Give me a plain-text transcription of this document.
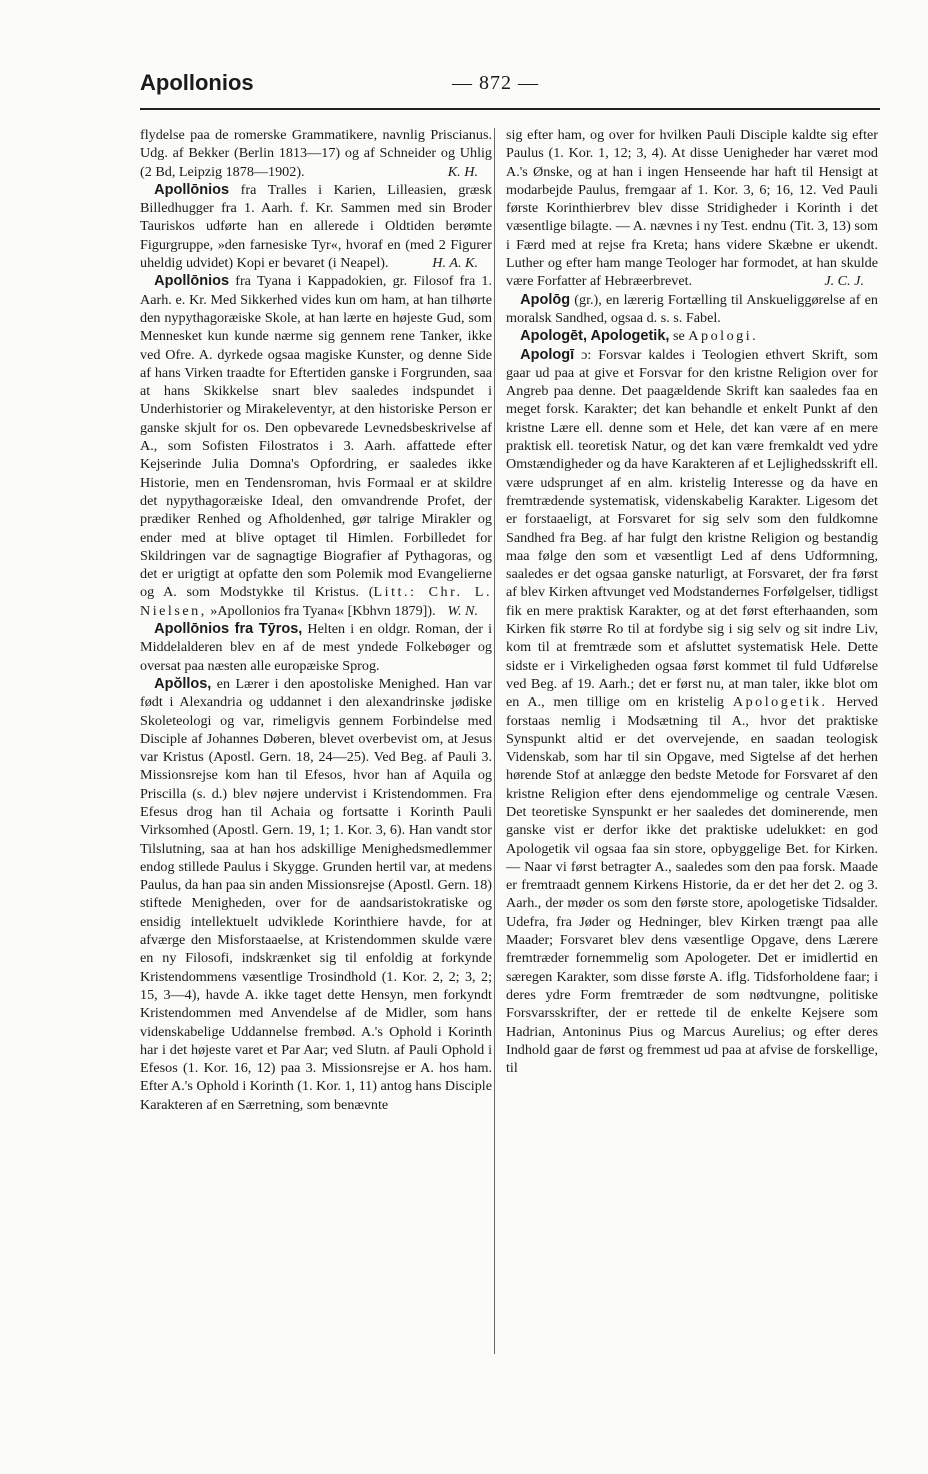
Apollonios	— 872 —

flydelse paa de romerske Grammatikere, navnlig Priscianus. Udg. af Bekker (Berlin 1813—17) og af Schneider og Uhlig (2 Bd, Leipzig 1878—1902).	K. H.

 Apollōnios fra Tralles i Karien, Lilleasien, græsk Billedhugger fra 1. Aarh. f. Kr. Sammen med sin Broder Tauriskos udførte han en allerede i Oldtiden berømte Figurgruppe, »den farnesiske Tyr«, hvoraf en (med 2 Figurer uheldig udvidet) Kopi er bevaret (i Neapel).	H. A. K.

 Apollōnios fra Tyana i Kappadokien, gr. Filosof fra 1. Aarh. e. Kr. Med Sikkerhed vides kun om ham, at han tilhørte den nypythagoræiske Skole, at han lærte en højeste Gud, som Mennesket kun kunde nærme sig gennem rene Tanker, ikke ved Ofre. A. dyrkede ogsaa magiske Kunster, og denne Side af hans Virken traadte for Eftertiden ganske i Forgrunden, saa at hans Skikkelse snart blev saaledes indspundet i Underhistorier og Mirakeleventyr, at den historiske Person er ganske skjult for os. Den opbevarede Levnedsbeskrivelse af A., som Sofisten Filostratos i 3. Aarh. affattede efter Kejserinde Julia Domna's Opfordring, er saaledes ikke Historie, men en Tendensroman, hvis Formaal er at skildre det nypythagoræiske Ideal, den omvandrende Profet, der prædiker Renhed og Afholdenhed, gør talrige Mirakler og ender med at blive optaget til Himlen. Forbilledet for Skildringen var de sagnagtige Biografier af Pythagoras, og det er urigtigt at opfatte den som Polemik mod Evangelierne og A. som Modstykke til Kristus. (Litt.: Chr. L. Nielsen, »Apollonios fra Tyana« [Kbhvn 1879]). W. N.

 Apollōnios fra Tȳros, Helten i en oldgr. Roman, der i Middelalderen blev en af de mest yndede Folkebøger og oversat paa næsten alle europæiske Sprog.

 Apŏllos, en Lærer i den apostoliske Menighed. Han var født i Alexandria og uddannet i den alexandrinske jødiske Skoleteologi og var, rimeligvis gennem Forbindelse med Disciple af Johannes Døberen, blevet overbevist om, at Jesus var Kristus (Apostl. Gern. 18, 24—25). Ved Beg. af Pauli 3. Missionsrejse kom han til Efesos, hvor han af Aquila og Priscilla (s. d.) blev nøjere undervist i Kristendommen. Fra Efesus drog han til Achaia og fortsatte i Korinth Pauli Virksomhed (Apostl. Gern. 19, 1; 1. Kor. 3, 6). Han vandt stor Tilslutning, saa at han hos adskillige Menighedsmedlemmer endog stillede Paulus i Skygge. Grunden hertil var, at medens Paulus, da han paa sin anden Missionsrejse (Apostl. Gern. 18) stiftede Menigheden, over for de aandsaristokratiske og ensidig intellektuelt udviklede Korinthiere havde, for at afværge den Misforstaaelse, at Kristendommen skulde være en ny Filosofi, indskrænket sig til enfoldig at forkynde Kristendommens væsentlige Trosindhold (1. Kor. 2, 2; 3, 2; 15, 3—4), havde A. ikke taget dette Hensyn, men forkyndt Kristendommen med Anvendelse af de Midler, som hans videnskabelige Uddannelse frembød. A.'s Ophold i Korinth har i det højeste varet et Par Aar; ved Slutn. af Pauli Ophold i Efesos (1. Kor. 16, 12) paa 3. Missionsrejse er A. hos ham. Efter A.'s Ophold i Korinth (1. Kor. 1, 11) antog hans Disciple Karakteren af en Særretning, som benævnte

sig efter ham, og over for hvilken Pauli Disciple kaldte sig efter Paulus (1. Kor. 1, 12; 3, 4). At disse Uenigheder har været mod A.'s Ønske, og at han i ingen Henseende har haft til Hensigt at modarbejde Paulus, fremgaar af 1. Kor. 3, 6; 16, 12. Ved Pauli første Korinthierbrev blev disse Stridigheder i Korinth i det væsentlige bilagte. — A. nævnes i ny Test. endnu (Tit. 3, 13) som i Færd med at rejse fra Kreta; hans videre Skæbne er ukendt. Luther og efter ham mange Teologer har formodet, at han skulde være Forfatter af Hebræerbrevet.	J. C. J.

 Apolōg (gr.), en lærerig Fortælling til Anskueliggørelse af en moralsk Sandhed, ogsaa d. s. s. Fabel.

 Apologēt, Apologetik, se Apologi.

 Apologī ɔ: Forsvar kaldes i Teologien ethvert Skrift, som gaar ud paa at give et Forsvar for den kristne Religion over for Angreb paa denne. Det paagældende Skrift kan saaledes faa en meget forsk. Karakter; det kan behandle et enkelt Punkt af den kristne Lære ell. denne som et Hele, det kan være af en mere praktisk ell. teoretisk Natur, og det kan være fremkaldt ved ydre Omstændigheder og da have Karakteren af et Lejlighedsskrift ell. være udsprunget af en alm. kristelig Interesse og da have en fremtrædende systematisk, videnskabelig Karakter. Ligesom det er forstaaeligt, at Forsvaret for sig selv som den fuldkomne Sandhed fra Beg. af har fulgt den kristne Religion og bestandig maa følge den som et væsentligt Led af dens Udformning, saaledes er det ogsaa ganske naturligt, at Forsvaret, der fra først af blev Kirken aftvunget ved Modstandernes Forfølgelser, tidligst fik en mere praktisk Karakter, og at det først efterhaanden, som Kirken fik større Ro til at fordybe sig i sig selv og sit indre Liv, kom til at fremtræde som et afsluttet systematisk Hele. Dette sidste er i Virkeligheden ogsaa først kommet til fuld Udførelse ved Beg. af 19. Aarh.; det er først nu, at man taler, ikke blot om en A., men tillige om en kristelig Apologetik. Herved forstaas nemlig i Modsætning til A., hvor det praktiske Synspunkt altid er det overvejende, en saadan teologisk Videnskab, som har til sin Opgave, med Sigtelse af det herhen hørende Stof at anlægge den bedste Metode for Forsvaret af den kristne Religion efter dens ejendommelige og centrale Væsen. Det teoretiske Synspunkt er her saaledes det dominerende, men ganske vist er derfor ikke det praktiske udelukket: en god Apologetik vil ogsaa faa sin store, opbyggelige Bet. for Kirken. — Naar vi først betragter A., saaledes som den paa forsk. Maade er fremtraadt gennem Kirkens Historie, da er det her det 2. og 3. Aarh., der møder os som den første store, apologetiske Tidsalder. Udefra, fra Jøder og Hedninger, blev Kirken trængt paa alle Maader; Forsvaret blev dens væsentlige Opgave, dens Lærere fremtræder fornemmelig som Apologeter. Det er imidlertid en særegen Karakter, som disse første A. iflg. Tidsforholdene faar; i deres ydre Form fremtræder de som nødtvungne, politiske Forsvarsskrifter, der er rettede til de enkelte Kejsere som Hadrian, Antoninus Pius og Marcus Aurelius; og efter deres Indhold gaar de først og fremmest ud paa at afvise de forskellige, til
